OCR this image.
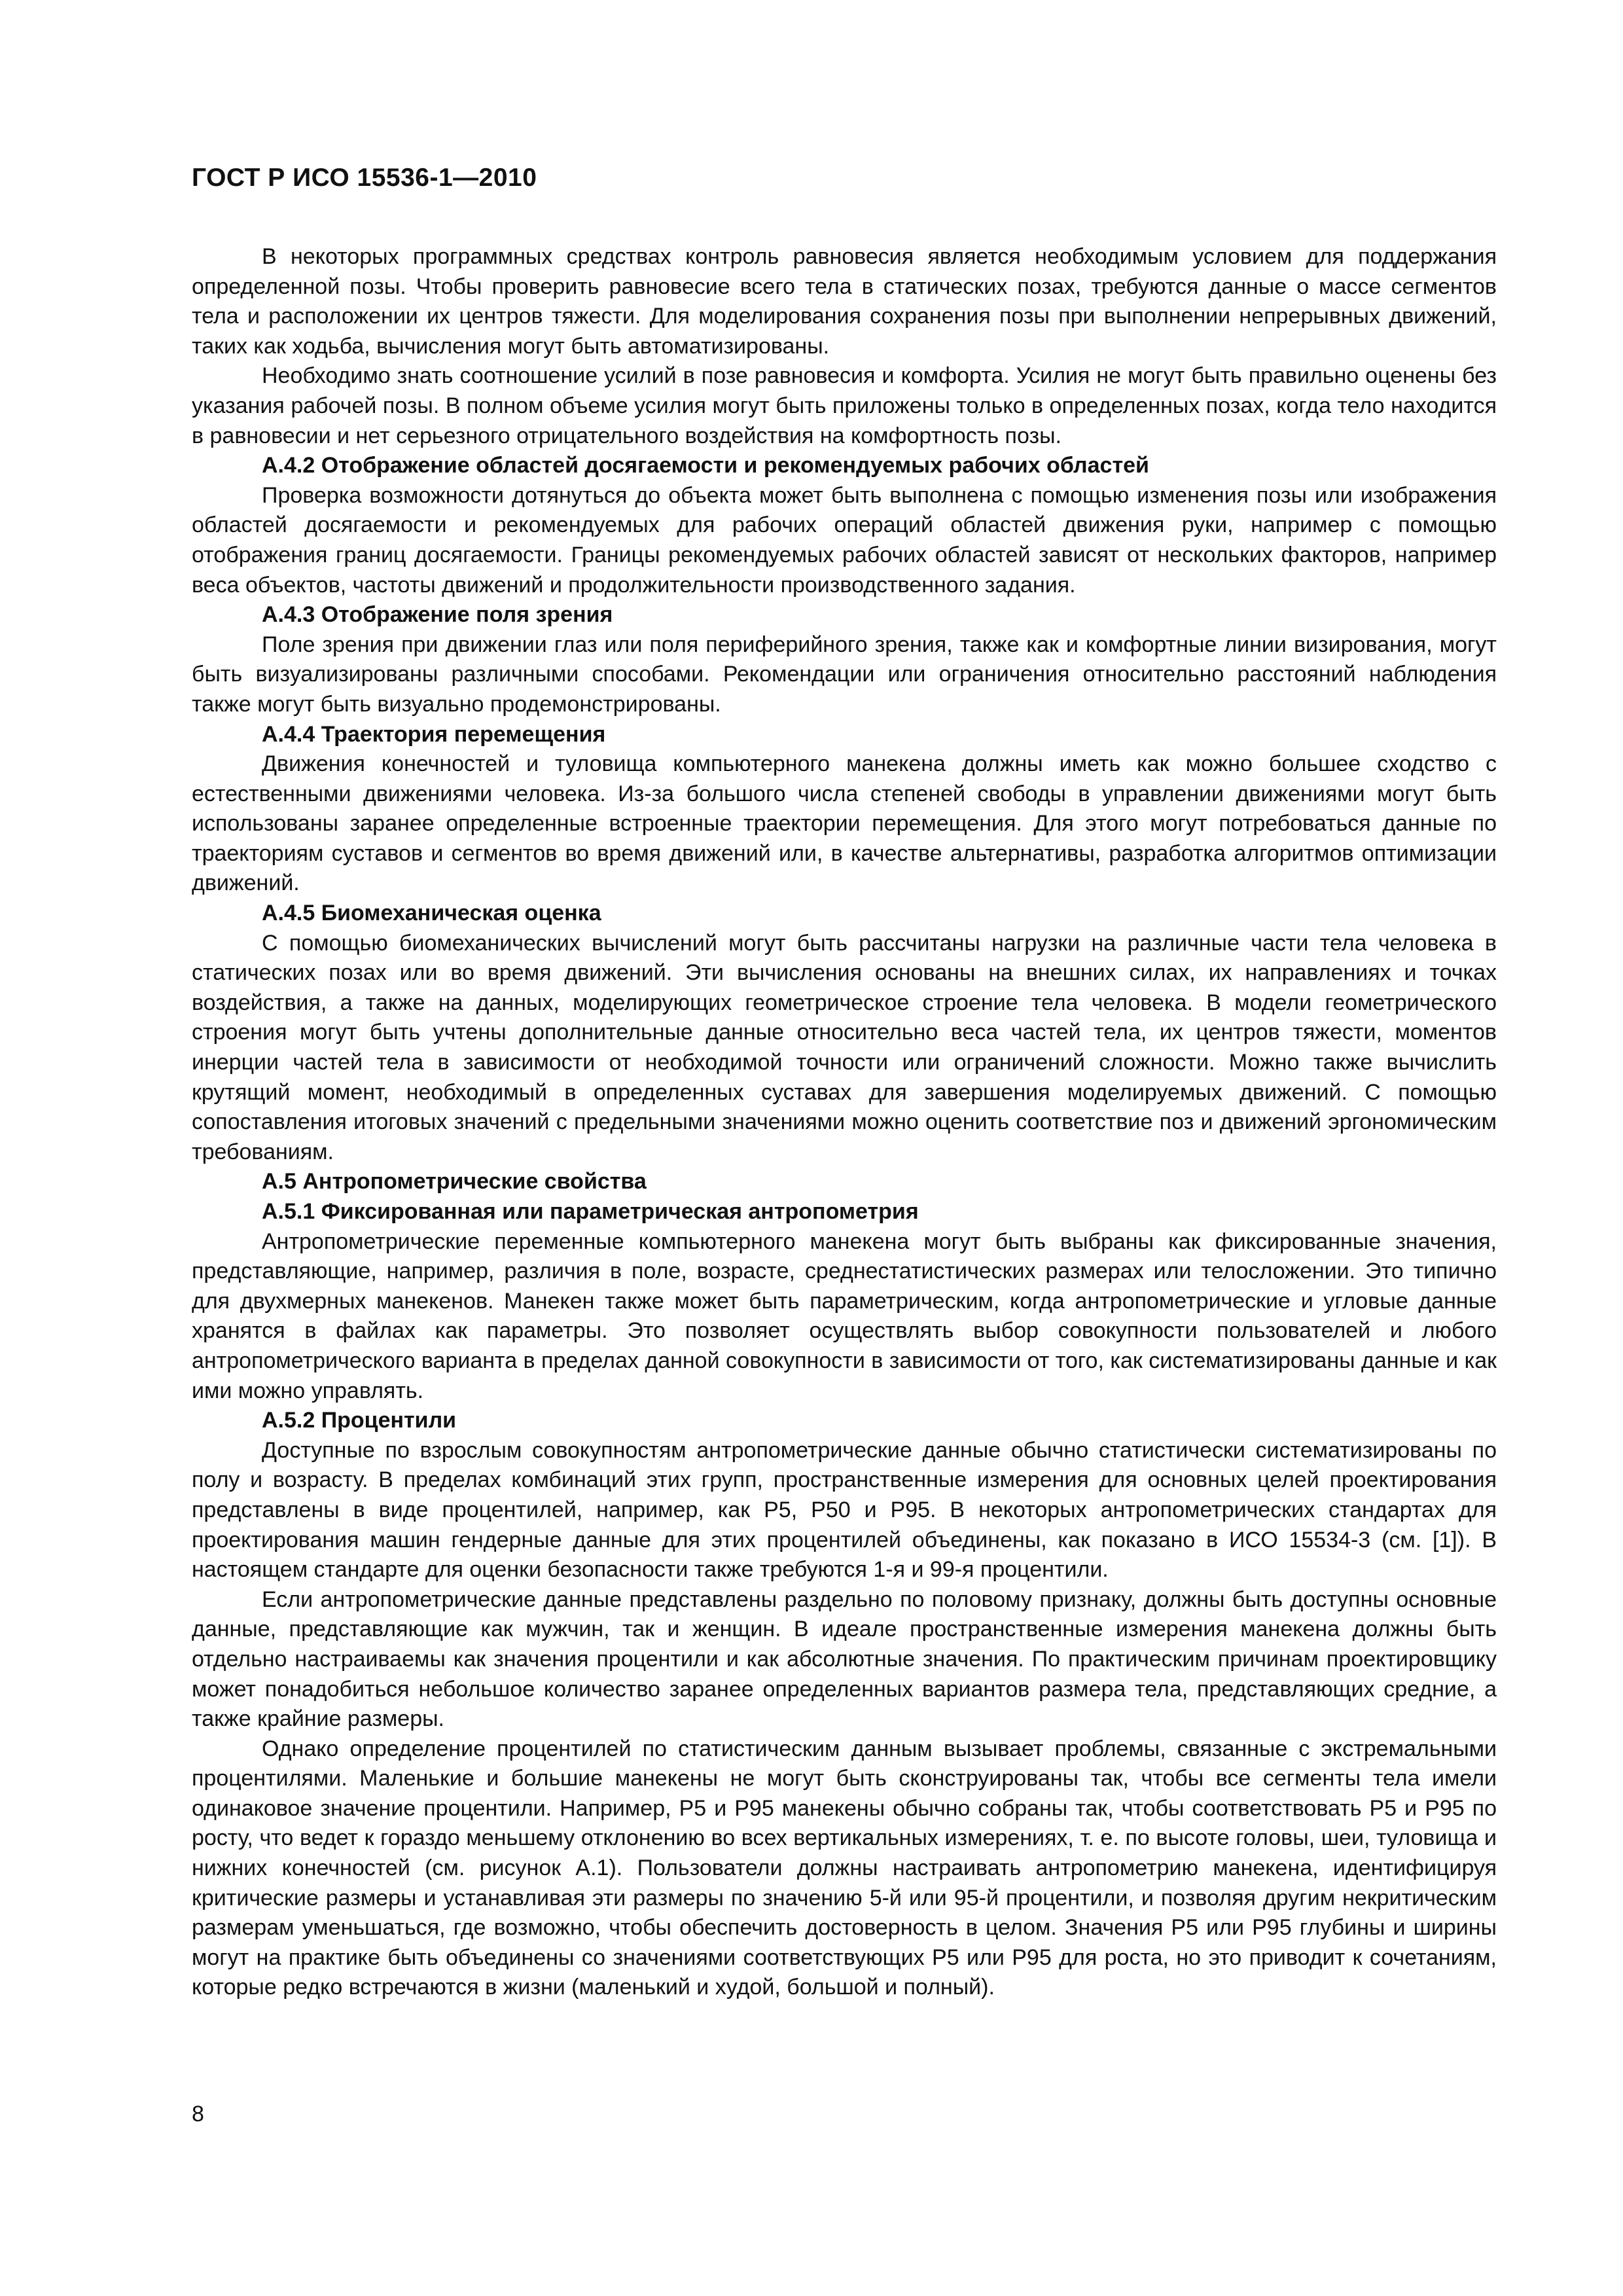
ГОСТ Р ИСО 15536-1—2010

В некоторых программных средствах контроль равновесия является необходимым условием для поддержания определенной позы. Чтобы проверить равновесие всего тела в статических позах, требуются данные о массе сегментов тела и расположении их центров тяжести. Для моделирования сохранения позы при выполнении непрерывных движений, таких как ходьба, вычисления могут быть автоматизированы.

Необходимо знать соотношение усилий в позе равновесия и комфорта. Усилия не могут быть правильно оценены без указания рабочей позы. В полном объеме усилия могут быть приложены только в определенных позах, когда тело находится в равновесии и нет серьезного отрицательного воздействия на комфортность позы.

А.4.2 Отображение областей досягаемости и рекомендуемых рабочих областей

Проверка возможности дотянуться до объекта может быть выполнена с помощью изменения позы или изображения областей досягаемости и рекомендуемых для рабочих операций областей движения руки, например с помощью отображения границ досягаемости. Границы рекомендуемых рабочих областей зависят от нескольких факторов, например веса объектов, частоты движений и продолжительности производственного задания.

А.4.3 Отображение поля зрения

Поле зрения при движении глаз или поля периферийного зрения, также как и комфортные линии визирования, могут быть визуализированы различными способами. Рекомендации или ограничения относительно расстояний наблюдения также могут быть визуально продемонстрированы.

А.4.4 Траектория перемещения

Движения конечностей и туловища компьютерного манекена должны иметь как можно большее сходство с естественными движениями человека. Из-за большого числа степеней свободы в управлении движениями могут быть использованы заранее определенные встроенные траектории перемещения. Для этого могут потребоваться данные по траекториям суставов и сегментов во время движений или, в качестве альтернативы, разработка алгоритмов оптимизации движений.

А.4.5 Биомеханическая оценка

С помощью биомеханических вычислений могут быть рассчитаны нагрузки на различные части тела человека в статических позах или во время движений. Эти вычисления основаны на внешних силах, их направлениях и точках воздействия, а также на данных, моделирующих геометрическое строение тела человека. В модели геометрического строения могут быть учтены дополнительные данные относительно веса частей тела, их центров тяжести, моментов инерции частей тела в зависимости от необходимой точности или ограничений сложности. Можно также вычислить крутящий момент, необходимый в определенных суставах для завершения моделируемых движений. С помощью сопоставления итоговых значений с предельными значениями можно оценить соответствие поз и движений эргономическим требованиям.

А.5 Антропометрические свойства
А.5.1 Фиксированная или параметрическая антропометрия

Антропометрические переменные компьютерного манекена могут быть выбраны как фиксированные значения, представляющие, например, различия в поле, возрасте, среднестатистических размерах или телосложении. Это типично для двухмерных манекенов. Манекен также может быть параметрическим, когда антропометрические и угловые данные хранятся в файлах как параметры. Это позволяет осуществлять выбор совокупности пользователей и любого антропометрического варианта в пределах данной совокупности в зависимости от того, как систематизированы данные и как ими можно управлять.

А.5.2 Процентили

Доступные по взрослым совокупностям антропометрические данные обычно статистически систематизированы по полу и возрасту. В пределах комбинаций этих групп, пространственные измерения для основных целей проектирования представлены в виде процентилей, например, как Р5, Р50 и Р95. В некоторых антропометрических стандартах для проектирования машин гендерные данные для этих процентилей объединены, как показано в ИСО 15534-3 (см. [1]). В настоящем стандарте для оценки безопасности также требуются 1-я и 99-я процентили.

Если антропометрические данные представлены раздельно по половому признаку, должны быть доступны основные данные, представляющие как мужчин, так и женщин. В идеале пространственные измерения манекена должны быть отдельно настраиваемы как значения процентили и как абсолютные значения. По практическим причинам проектировщику может понадобиться небольшое количество заранее определенных вариантов размера тела, представляющих средние, а также крайние размеры.

Однако определение процентилей по статистическим данным вызывает проблемы, связанные с экстремальными процентилями. Маленькие и большие манекены не могут быть сконструированы так, чтобы все сегменты тела имели одинаковое значение процентили. Например, Р5 и Р95 манекены обычно собраны так, чтобы соответствовать Р5 и Р95 по росту, что ведет к гораздо меньшему отклонению во всех вертикальных измерениях, т. е. по высоте головы, шеи, туловища и нижних конечностей (см. рисунок А.1). Пользователи должны настраивать антропометрию манекена, идентифицируя критические размеры и устанавливая эти размеры по значению 5-й или 95-й процентили, и позволяя другим некритическим размерам уменьшаться, где возможно, чтобы обеспечить достоверность в целом. Значения Р5 или Р95 глубины и ширины могут на практике быть объединены со значениями соответствующих Р5 или Р95 для роста, но это приводит к сочетаниям, которые редко встречаются в жизни (маленький и худой, большой и полный).

8
